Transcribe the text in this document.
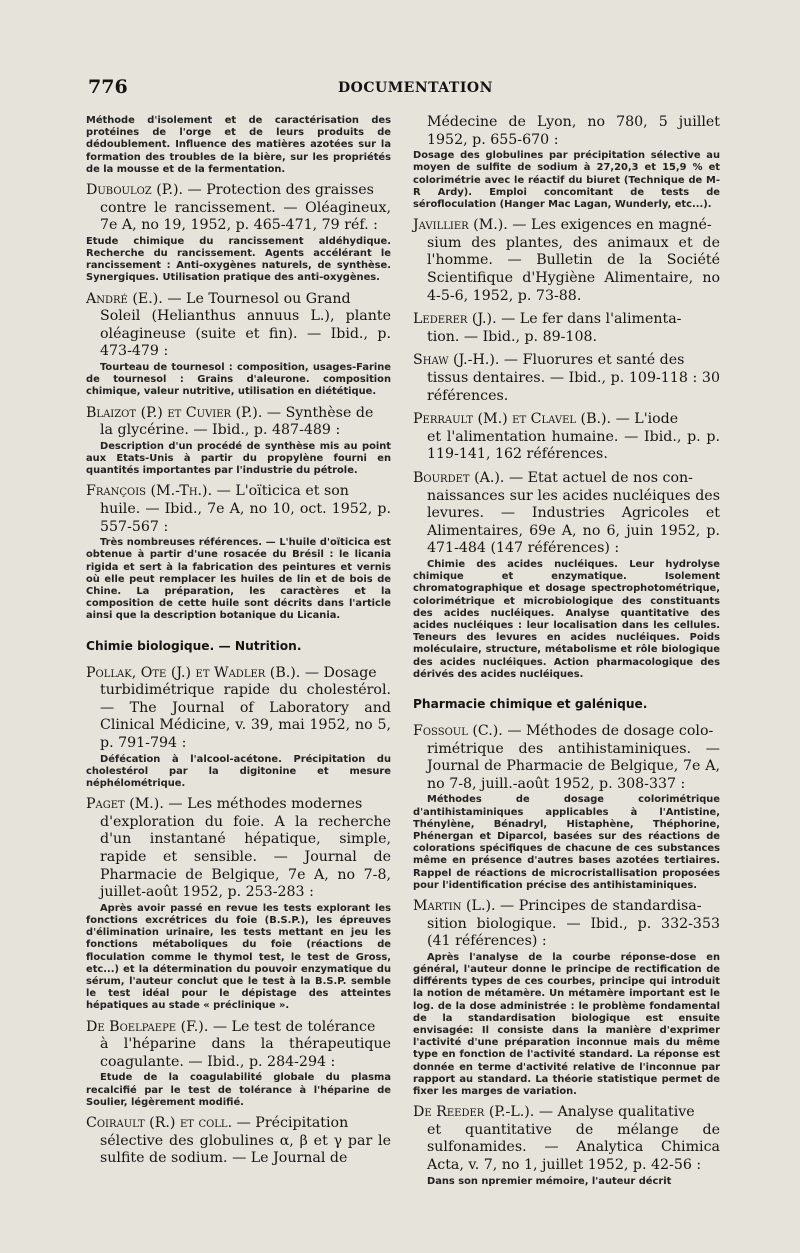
776	DOCUMENTATION

Méthode d'isolement et de caractérisation des protéines de l'orge et de leurs produits de dédoublement. Influence des matières azotées sur la formation des troubles de la bière, sur les propriétés de la mousse et de la fermentation.

Dubouloz (P.). — Protection des graisses
contre le rancissement. — Oléagineux, 7e A, no 19, 1952, p. 465-471, 79 réf. :

Etude chimique du rancissement aldéhydique. Recherche du rancissement. Agents accélérant le rancissement : Anti-oxygènes naturels, de synthèse. Synergiques. Utilisation pratique des anti-oxygènes.

André (E.). — Le Tournesol ou Grand
Soleil (Helianthus annuus L.), plante oléagineuse (suite et fin). — Ibid., p. 473-479 :

Tourteau de tournesol : composition, usages-Farine de tournesol : Grains d'aleurone. composition chimique, valeur nutritive, utilisation en diététique.

Blaizot (P.) et Cuvier (P.). — Synthèse de
la glycérine. — Ibid., p. 487-489 :

Description d'un procédé de synthèse mis au point aux Etats-Unis à partir du propylène fourni en quantités importantes par l'industrie du pétrole.

François (M.-Th.). — L'oïticica et son
huile. — Ibid., 7e A, no 10, oct. 1952, p. 557-567 :

Très nombreuses références. — L'huile d'oïticica est obtenue à partir d'une rosacée du Brésil : le licania rigida et sert à la fabrication des peintures et vernis où elle peut remplacer les huiles de lin et de bois de Chine. La préparation, les caractères et la composition de cette huile sont décrits dans l'article ainsi que la description botanique du Licania.

Chimie biologique. — Nutrition.

Pollak, Ote (J.) et Wadler (B.). — Dosage
turbidimétrique rapide du cholestérol. — The Journal of Laboratory and Clinical Médicine, v. 39, mai 1952, no 5, p. 791-794 :

Défécation à l'alcool-acétone. Précipitation du cholestérol par la digitonine et mesure néphélométrique.

Paget (M.). — Les méthodes modernes
d'exploration du foie. A la recherche d'un instantané hépatique, simple, rapide et sensible. — Journal de Pharmacie de Belgique, 7e A, no 7-8, juillet-août 1952, p. 253-283 :

Après avoir passé en revue les tests explorant les fonctions excrétrices du foie (B.S.P.), les épreuves d'élimination urinaire, les tests mettant en jeu les fonctions métaboliques du foie (réactions de floculation comme le thymol test, le test de Gross, etc...) et la détermination du pouvoir enzymatique du sérum, l'auteur conclut que le test à la B.S.P. semble le test idéal pour le dépistage des atteintes hépatiques au stade « préclinique ».

De Boelpaepe (F.). — Le test de tolérance
à l'héparine dans la thérapeutique coagulante. — Ibid., p. 284-294 :

Etude de la coagulabilité globale du plasma recalcifié par le test de tolérance à l'héparine de Soulier, légèrement modifié.

Coirault (R.) et coll. — Précipitation
sélective des globulines α, β et γ par le sulfite de sodium. — Le Journal de

Médecine de Lyon, no 780, 5 juillet 1952, p. 655-670 :

Dosage des globulines par précipitation sélective au moyen de sulfite de sodium à 27,20,3 et 15,9 % et colorimétrie avec le réactif du biuret (Technique de M-R Ardy). Emploi concomitant de tests de sérofloculation (Hanger Mac Lagan, Wunderly, etc...).

Javillier (M.). — Les exigences en magné-
sium des plantes, des animaux et de l'homme. — Bulletin de la Société Scientifique d'Hygiène Alimentaire, no 4-5-6, 1952, p. 73-88.

Lederer (J.). — Le fer dans l'alimenta-
tion. — Ibid., p. 89-108.

Shaw (J.-H.). — Fluorures et santé des
tissus dentaires. — Ibid., p. 109-118 : 30 références.

Perrault (M.) et Clavel (B.). — L'iode
et l'alimentation humaine. — Ibid., p. p. 119-141, 162 références.

Bourdet (A.). — Etat actuel de nos con-
naissances sur les acides nucléiques des levures. — Industries Agricoles et Alimentaires, 69e A, no 6, juin 1952, p. 471-484 (147 références) :

Chimie des acides nucléiques. Leur hydrolyse chimique et enzymatique. Isolement chromatographique et dosage spectrophotométrique, colorimétrique et microbiologique des constituants des acides nucléiques. Analyse quantitative des acides nucléiques : leur localisation dans les cellules. Teneurs des levures en acides nucléiques. Poids moléculaire, structure, métabolisme et rôle biologique des acides nucléiques. Action pharmacologique des dérivés des acides nucléiques.

Pharmacie chimique et galénique.

Fossoul (C.). — Méthodes de dosage colo-
rimétrique des antihistaminiques. — Journal de Pharmacie de Belgique, 7e A, no 7-8, juill.-août 1952, p. 308-337 :

Méthodes de dosage colorimétrique d'antihistaminiques applicables à l'Antistine, Thénylène, Bénadryl, Histaphène, Théphorine, Phénergan et Diparcol, basées sur des réactions de colorations spécifiques de chacune de ces substances même en présence d'autres bases azotées tertiaires. Rappel de réactions de microcristallisation proposées pour l'identification précise des antihistaminiques.

Martin (L.). — Principes de standardisa-
sition biologique. — Ibid., p. 332-353 (41 références) :

Après l'analyse de la courbe réponse-dose en général, l'auteur donne le principe de rectification de différents types de ces courbes, principe qui introduit la notion de métamère. Un métamère important est le log. de la dose administrée : le problème fondamental de la standardisation biologique est ensuite envisagée: Il consiste dans la manière d'exprimer l'activité d'une préparation inconnue mais du même type en fonction de l'activité standard. La réponse est donnée en terme d'activité relative de l'inconnue par rapport au standard. La théorie statistique permet de fixer les marges de variation.

De Reeder (P.-L.). — Analyse qualitative
et quantitative de mélange de sulfonamides. — Analytica Chimica Acta, v. 7, no 1, juillet 1952, p. 42-56 :

Dans son npremier mémoire, l'auteur décrit
